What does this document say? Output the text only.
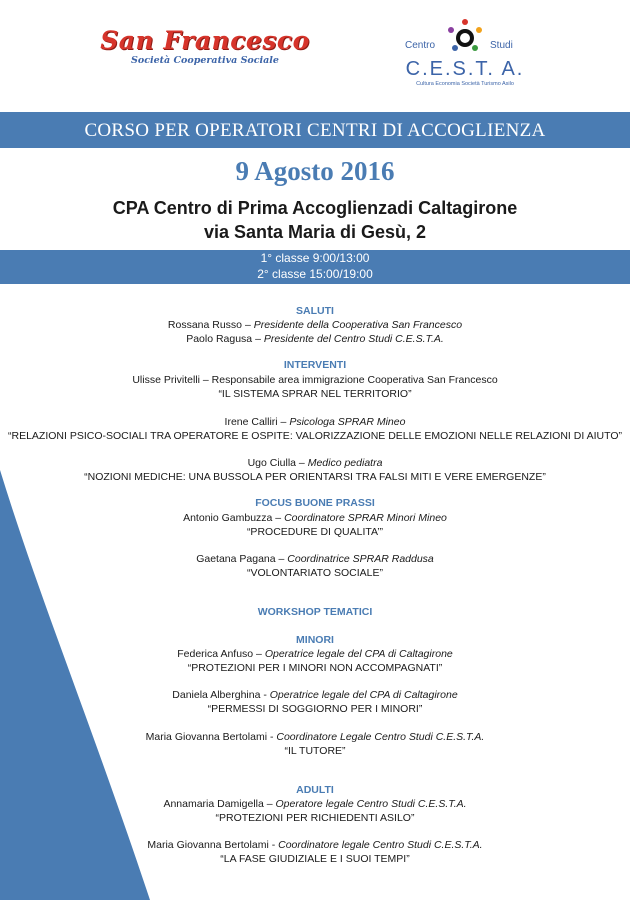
San Francesco
Società Cooperativa Sociale
Centro	Studi
C.E.S.T. A.
Cultura Economia Società Turismo Asilo
CORSO PER OPERATORI CENTRI DI ACCOGLIENZA
9 Agosto 2016
CPA Centro di Prima Accoglienzadi Caltagirone
via Santa Maria di Gesù, 2
1° classe 9:00/13:00
2° classe 15:00/19:00
SALUTI
Rossana Russo – Presidente della Cooperativa San Francesco
Paolo Ragusa – Presidente del Centro Studi C.E.S.T.A.
INTERVENTI
Ulisse Privitelli – Responsabile area immigrazione Cooperativa San Francesco
“IL SISTEMA SPRAR NEL TERRITORIO”
Irene Calliri – Psicologa SPRAR Mineo
“RELAZIONI PSICO-SOCIALI TRA OPERATORE E OSPITE: VALORIZZAZIONE DELLE EMOZIONI NELLE RELAZIONI DI AIUTO”
Ugo Ciulla – Medico pediatra
“NOZIONI MEDICHE: UNA BUSSOLA PER ORIENTARSI TRA FALSI MITI E VERE EMERGENZE”
FOCUS BUONE PRASSI
Antonio Gambuzza – Coordinatore SPRAR Minori Mineo
“PROCEDURE DI QUALITA’”
Gaetana Pagana – Coordinatrice SPRAR Raddusa
“VOLONTARIATO SOCIALE”
WORKSHOP TEMATICI
MINORI
Federica Anfuso – Operatrice legale del CPA di Caltagirone
“PROTEZIONI PER I MINORI NON ACCOMPAGNATI”
Daniela Alberghina - Operatrice legale del CPA di Caltagirone
“PERMESSI DI SOGGIORNO PER I MINORI”
Maria Giovanna Bertolami - Coordinatore Legale Centro Studi C.E.S.T.A.
“IL TUTORE”
ADULTI
Annamaria Damigella – Operatore legale Centro Studi C.E.S.T.A.
“PROTEZIONI PER RICHIEDENTI ASILO”
Maria Giovanna Bertolami - Coordinatore legale Centro Studi C.E.S.T.A.
“LA FASE GIUDIZIALE E I SUOI TEMPI”
